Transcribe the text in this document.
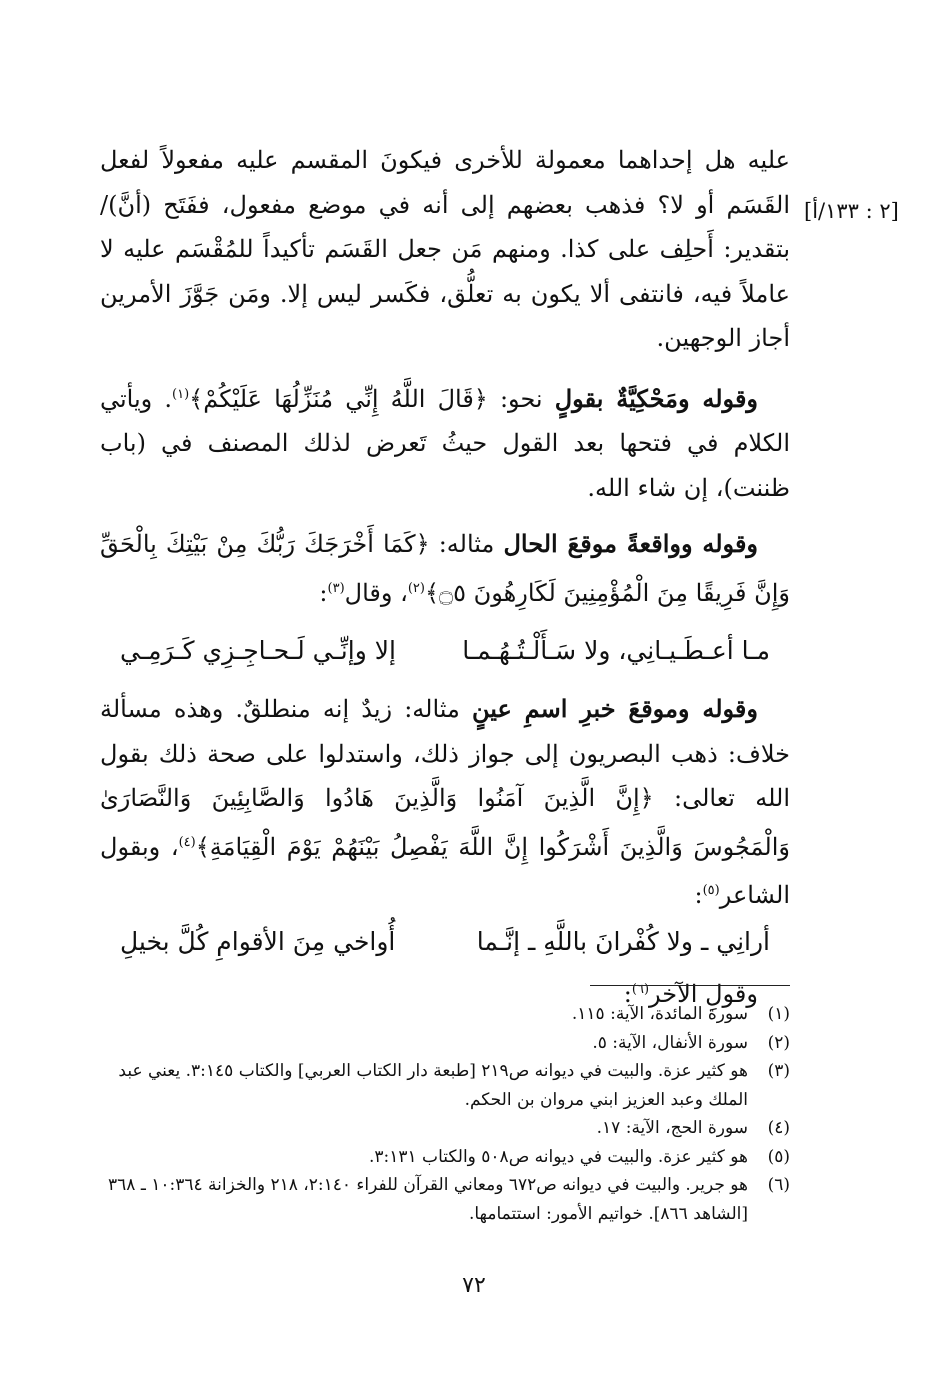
[٢ : ١٣٣/أ]

عليه هل إحداهما معمولة للأخرى فيكونَ المقسم عليه مفعولاً لفعل القَسَم أو لا؟ فذهب بعضهم إلى أنه في موضع مفعول، ففَتَح (أنَّ)/ بتقدير: أَحلِف على كذا. ومنهم مَن جعل القَسَم تأكيداً للمُقْسَم عليه لا عاملاً فيه، فانتفى ألا يكون به تعلُّق، فكَسر ليس إلا. ومَن جَوَّزَ الأمرين أجاز الوجهين.

وقوله ومَحْكِيَّةٌ بقولٍ نحو: ﴿قَالَ اللَّهُ إِنِّي مُنَزِّلُهَا عَلَيْكُمْ﴾$^{(١)}$. ويأتي الكلام في فتحها بعد القول حيثُ تَعرض لذلك المصنف في (باب ظننت)، إن شاء الله.

وقوله وواقعةً موقعَ الحال مثاله: ﴿كَمَا أَخْرَجَكَ رَبُّكَ مِنْ بَيْتِكَ بِالْحَقِّ وَإِنَّ فَرِيقًا مِنَ الْمُؤْمِنِينَ لَكَارِهُونَ ۝٥﴾$^{(٢)}$، وقال$^{(٣)}$:

مـا أعـطَـيـانِي، ولا سَـأَلْـتُـهُـمـا
إلا وإنِّـي لَـحـاجِـزِي كَـرَمِـي

وقوله وموقعَ خبرِ اسمِ عينٍ مثاله: زيدٌ إنه منطلقٌ. وهذه مسألة خلاف: ذهب البصريون إلى جواز ذلك، واستدلوا على صحة ذلك بقول الله تعالى: ﴿إِنَّ الَّذِينَ آمَنُوا وَالَّذِينَ هَادُوا وَالصَّابِئِينَ وَالنَّصَارَىٰ وَالْمَجُوسَ وَالَّذِينَ أَشْرَكُوا إِنَّ اللَّهَ يَفْصِلُ بَيْنَهُمْ يَوْمَ الْقِيَامَةِ﴾$^{(٤)}$، وبقول الشاعر$^{(٥)}$:

أرانِي ـ ولا كُفْرانَ باللَّهِ ـ إنَّـما
أُواخي مِنَ الأقوامِ كُلَّ بخيلِ
وقولِ الآخر$^{(٦)}$:
(١)
سورة المائدة، الآية: ١١٥.
(٢)
سورة الأنفال، الآية: ٥.
(٣)
هو كثير عزة. والبيت في ديوانه ص٢١٩ [طبعة دار الكتاب العربي] والكتاب ٣:١٤٥. يعني عبد الملك وعبد العزيز ابني مروان بن الحكم.
(٤)
سورة الحج، الآية: ١٧.
(٥)
هو كثير عزة. والبيت في ديوانه ص٥٠٨ والكتاب ٣:١٣١.
(٦)
هو جرير. والبيت في ديوانه ص٦٧٢ ومعاني القرآن للفراء ٢:١٤٠، ٢١٨ والخزانة ١٠:٣٦٤ ـ ٣٦٨ [الشاهد ٨٦٦]. خواتيم الأمور: استتمامها.
٧٢
